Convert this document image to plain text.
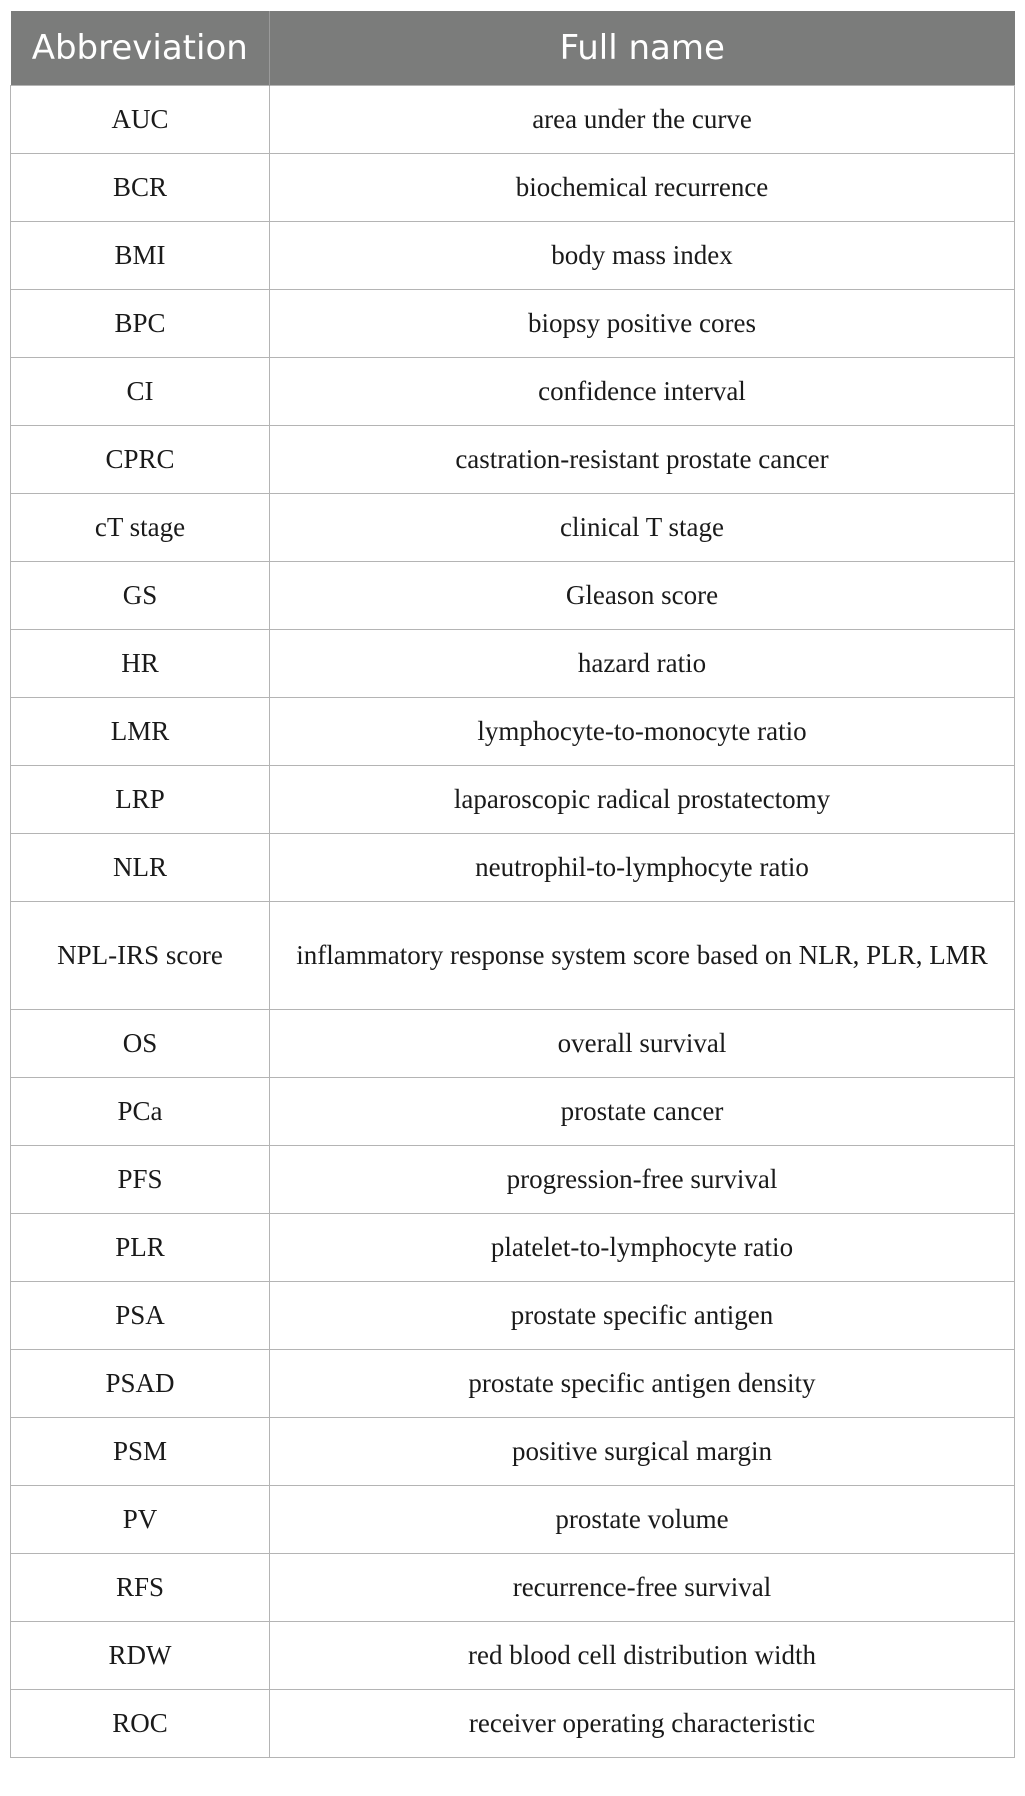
Abbreviation	Full name
AUC	area under the curve
BCR	biochemical recurrence
BMI	body mass index
BPC	biopsy positive cores
CI	confidence interval
CPRC	castration-resistant prostate cancer
cT stage	clinical T stage
GS	Gleason score
HR	hazard ratio
LMR	lymphocyte-to-monocyte ratio
LRP	laparoscopic radical prostatectomy
NLR	neutrophil-to-lymphocyte ratio
NPL-IRS score	inflammatory response system score based on NLR, PLR, LMR
OS	overall survival
PCa	prostate cancer
PFS	progression-free survival
PLR	platelet-to-lymphocyte ratio
PSA	prostate specific antigen
PSAD	prostate specific antigen density
PSM	positive surgical margin
PV	prostate volume
RFS	recurrence-free survival
RDW	red blood cell distribution width
ROC	receiver operating characteristic
